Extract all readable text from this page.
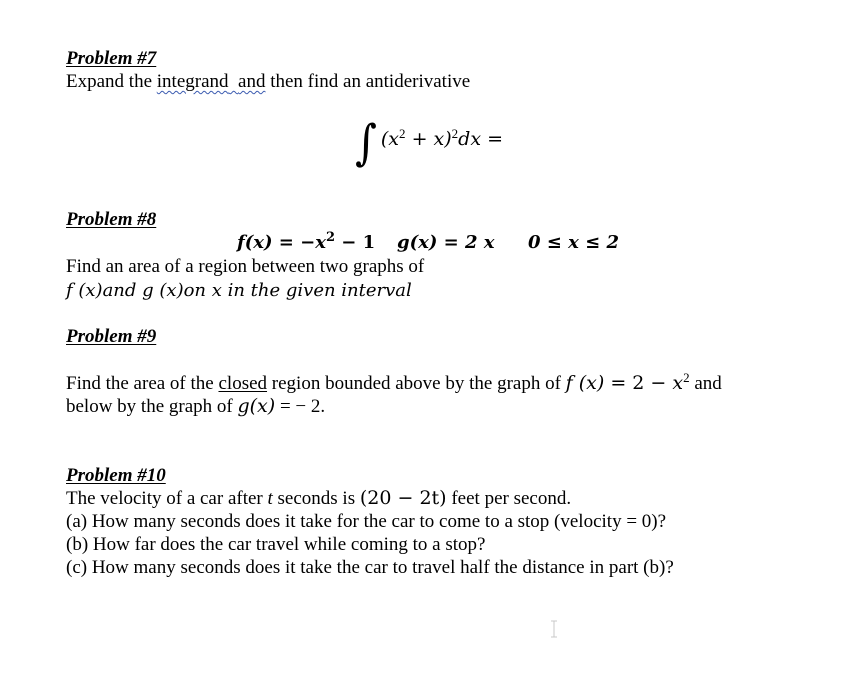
Problem #7
Expand the integrand and then find an antiderivative
∫ $(x^2 + x)^2dx$ =
Problem #8
$f(x) = -x^2 - 1$ g(x) = 2 x 0 ≤ x ≤ 2
Find an area of a region between two graphs of
f (x)and g (x)on x in the given interval
Problem #9
Find the area of the closed region bounded above by the graph of f $(x) = 2 - x^2$ and
below by the graph of g(x) = − 2.
Problem #10
The velocity of a car after t seconds is (20 − 2t) feet per second.
(a) How many seconds does it take for the car to come to a stop (velocity = 0)?
(b) How far does the car travel while coming to a stop?
(c) How many seconds does it take the car to travel half the distance in part (b)?
